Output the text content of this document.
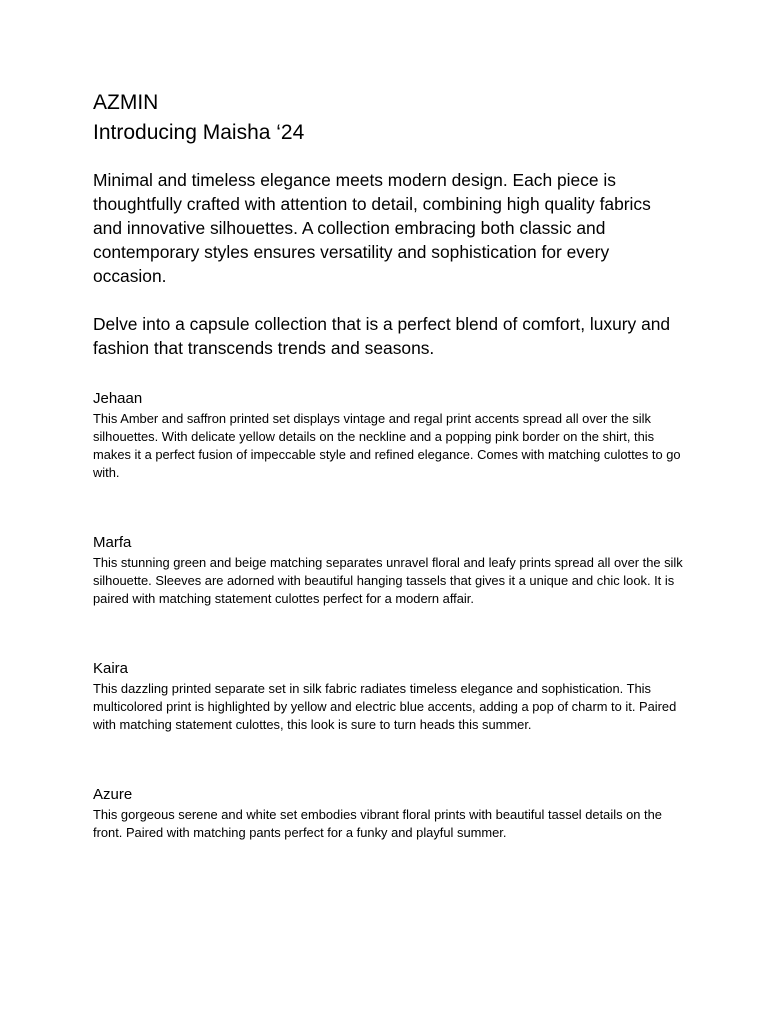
AZMIN
Introducing Maisha ‘24

Minimal and timeless elegance meets modern design. Each piece is thoughtfully crafted with attention to detail, combining high quality fabrics and innovative silhouettes. A collection embracing both classic and contemporary styles ensures versatility and sophistication for every occasion.

Delve into a capsule collection that is a perfect blend of comfort, luxury and fashion that transcends trends and seasons.

Jehaan

This Amber and saffron printed set displays vintage and regal print accents spread all over the silk silhouettes. With delicate yellow details on the neckline and a popping pink border on the shirt, this makes it a perfect fusion of impeccable style and refined elegance. Comes with matching culottes to go with.

Marfa

This stunning green and beige matching separates unravel floral and leafy prints spread all over the silk silhouette. Sleeves are adorned with beautiful hanging tassels that gives it a unique and chic look. It is paired with matching statement culottes perfect for a modern affair.

Kaira

This dazzling printed separate set in silk fabric radiates timeless elegance and sophistication. This multicolored print is highlighted by yellow and electric blue accents, adding a pop of charm to it. Paired with matching statement culottes, this look is sure to turn heads this summer.

Azure

This gorgeous serene and white set embodies vibrant floral prints with beautiful tassel details on the front. Paired with matching pants perfect for a funky and playful summer.
